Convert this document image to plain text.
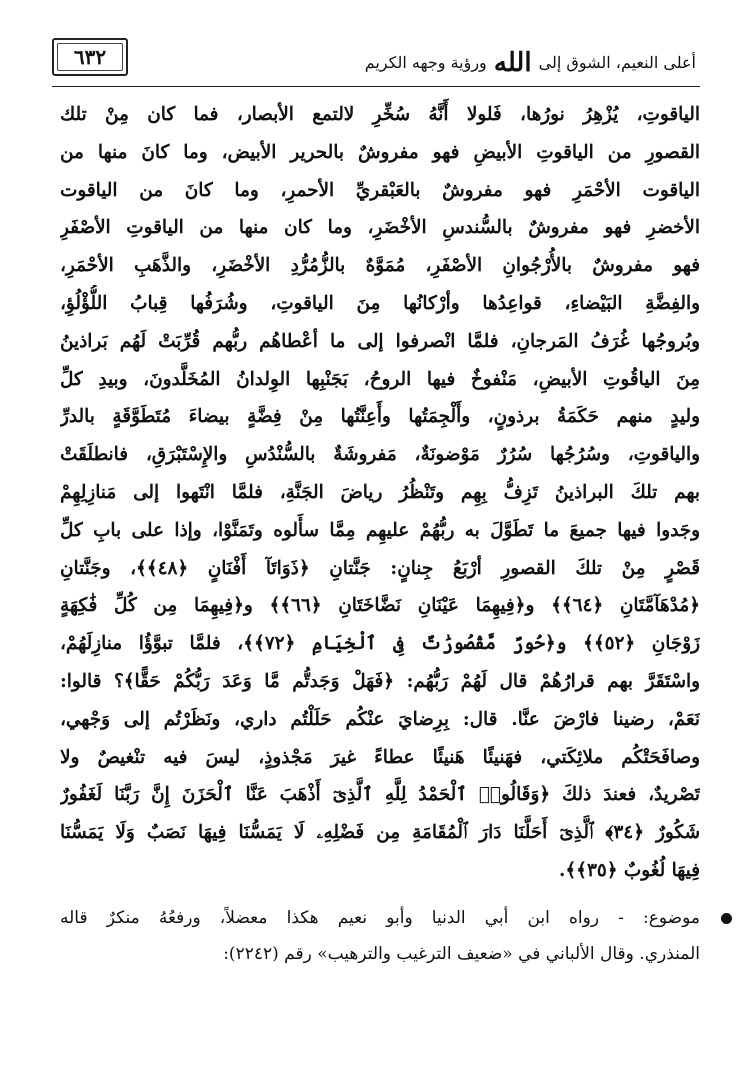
٦٣٢	أعلى النعيم، الشوق إلى الله ورؤية وجهه الكريم
الياقوتِ، يُزْهِرُ نورُها، فَلولا أَنَّهُ سُخِّرِ لالتمع الأبصار، فما كان مِنْ تلك
القصورِ من الياقوتِ الأبيضِ فهو مفروشٌ بالحرير الأبيض، وما كانَ منها من
الياقوت الأحْمَرِ فهو مفروشٌ بالعَبْقريِّ الأحمرِ، وما كانَ من الياقوت
الأخضرِ فهو مفروشٌ بالسُّندسِ الأخْضَرِ، وما كان منها من الياقوتِ الأصْفَرِ
فهو مفروشٌ بالأُرْجُوانِ الأصْفَرِ، مُمَوَّهٌ بالزُّمُرُّدِ الأخْضَرِ، والذَّهَبِ الأحْمَرِ،
والفِضَّةِ البَيْضاءِ، قواعِدُها وأرْكانُها مِنَ الياقوتِ، وشُرَفُها قِبابُ اللُّؤْلُؤِ،
وبُروجُها غُرَفُ المَرجانِ، فلمَّا انْصرفوا إلى ما أعْطاهُم ربُّهم قُرِّبَتْ لَهُم بَراذينُ
مِنَ الياقُوتِ الأبيضِ، مَنْفوخٌ فيها الروحُ، بَجَنْبِها الوِلدانُ المُخَلَّدونَ، وبيدِ كلِّ
وليدٍ منهم حَكَمَةُ برذونٍ، وأَلْجِمَتُها وأَعِنَّتُها مِنْ فِضَّةٍ بيضاءَ مُتَطَوَّقَةٍ بالدرِّ
والياقوتِ، وسُرُجُها سُرُرٌ مَوْضونَةٌ، مَفروشَةٌ بالسُّنْدُسِ والإِسْتَبْرَقِ، فانطلَقَتْ
بهم تلكَ البراذينُ تَزِفُّ بِهِم وتَنْظُرُ رياضَ الجَنَّةِ، فلمَّا انْتَهوا إلى مَنازِلِهِمْ
وجَدوا فيها جميعَ ما تَطَوَّلَ به ربُّهُمْ عليهِم مِمَّا سأَلوه وتَمَنَّوْا، وإذا على بابِ كلِّ
قَصْرٍ مِنْ تلكَ القصورِ أرْبَعُ جِنانٍ: جَنَّتانِ ﴿ذَوَاتَآ أَفْنَانٍ ﴿٤٨﴾﴾، وجَنَّتانِ
﴿مُدْهَآمَّتَانِ ﴿٦٤﴾﴾ و﴿فِيهِمَا عَيْنَانِ نَضَّاخَتَانِ ﴿٦٦﴾﴾ و﴿فِيهِمَا مِن كُلِّ فَٰكِهَةٍ
زَوْجَانِ ﴿٥٢﴾﴾ و﴿حُورٌ مَّقْصُورَٰتٌ فِى ٱلْخِيَامِ ﴿٧٢﴾﴾، فلمَّا تبوَّؤُا منازِلَهُمْ،
واسْتَقَرَّ بهم قرارُهُمْ قال لَهُمْ رَبُّهُم: ﴿فَهَلْ وَجَدتُّم مَّا وَعَدَ رَبُّكُمْ حَقًّا﴾؟ قالوا:
نَعَمْ، رضينا فارْضَ عنَّا. قال: بِرِضايَ عنْكُم حَلَلْتُم داري، ونَظَرْتُم إلى وَجْهي،
وصافَحَتْكُم ملائِكَتي، فهَنيئًا هَنيئًا عطاءً غيرَ مَجْذوذٍ، ليسَ فيه تنْغيصٌ ولا
تَصْريدٌ، فعندَ ذلكَ ﴿وَقَالُوا۟ ٱلْحَمْدُ لِلَّهِ ٱلَّذِىٓ أَذْهَبَ عَنَّا ٱلْحَزَنَ إِنَّ رَبَّنَا لَغَفُورٌ
شَكُورٌ ﴿٣٤﴾ ٱلَّذِىٓ أَحَلَّنَا دَارَ ٱلْمُقَامَةِ مِن فَضْلِهِۦ لَا يَمَسُّنَا فِيهَا نَصَبٌ وَلَا يَمَسُّنَا
فِيهَا لُغُوبٌ ﴿٣٥﴾﴾.
موضوع: - رواه ابن أبي الدنيا وأبو نعيم هكذا معضلاً، ورفعُهُ منكرٌ قاله
المنذري. وقال الألباني في «ضعيف الترغيب والترهيب» رقم (٢٢٤٢):
